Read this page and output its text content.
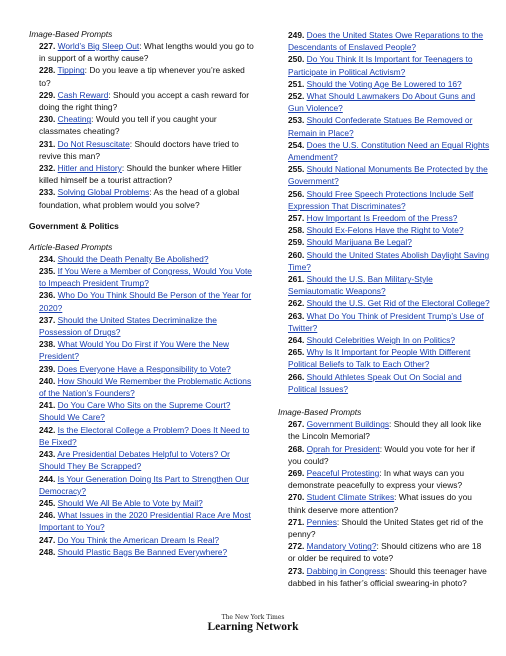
Image-Based Prompts

227. World’s Big Sleep Out: What lengths would you go to in support of a worthy cause?

228. Tipping: Do you leave a tip whenever you’re asked to?

229. Cash Reward: Should you accept a cash reward for doing the right thing?

230. Cheating: Would you tell if you caught your classmates cheating?

231. Do Not Resuscitate: Should doctors have tried to revive this man?

232. Hitler and History: Should the bunker where Hitler killed himself be a tourist attraction?

233. Solving Global Problems: As the head of a global foundation, what problem would you solve?

Government & Politics

Article-Based Prompts

234. Should the Death Penalty Be Abolished?

235. If You Were a Member of Congress, Would You Vote to Impeach President Trump?

236. Who Do You Think Should Be Person of the Year for 2020?

237. Should the United States Decriminalize the Possession of Drugs?

238. What Would You Do First if You Were the New President?

239. Does Everyone Have a Responsibility to Vote?

240. How Should We Remember the Problematic Actions of the Nation’s Founders?

241. Do You Care Who Sits on the Supreme Court? Should We Care?

242. Is the Electoral College a Problem? Does It Need to Be Fixed?

243. Are Presidential Debates Helpful to Voters? Or Should They Be Scrapped?

244. Is Your Generation Doing Its Part to Strengthen Our Democracy?

245. Should We All Be Able to Vote by Mail?

246. What Issues in the 2020 Presidential Race Are Most Important to You?

247. Do You Think the American Dream Is Real?

248. Should Plastic Bags Be Banned Everywhere?

249. Does the United States Owe Reparations to the Descendants of Enslaved People?

250. Do You Think It Is Important for Teenagers to Participate in Political Activism?

251. Should the Voting Age Be Lowered to 16?

252. What Should Lawmakers Do About Guns and Gun Violence?

253. Should Confederate Statues Be Removed or Remain in Place?

254. Does the U.S. Constitution Need an Equal Rights Amendment?

255. Should National Monuments Be Protected by the Government?

256. Should Free Speech Protections Include Self Expression That Discriminates?

257. How Important Is Freedom of the Press?

258. Should Ex-Felons Have the Right to Vote?

259. Should Marijuana Be Legal?

260. Should the United States Abolish Daylight Saving Time?

261. Should the U.S. Ban Military-Style Semiautomatic Weapons?

262. Should the U.S. Get Rid of the Electoral College?

263. What Do You Think of President Trump’s Use of Twitter?

264. Should Celebrities Weigh In on Politics?

265. Why Is It Important for People With Different Political Beliefs to Talk to Each Other?

266. Should Athletes Speak Out On Social and Political Issues?

Image-Based Prompts

267. Government Buildings: Should they all look like the Lincoln Memorial?

268. Oprah for President: Would you vote for her if you could?

269. Peaceful Protesting: In what ways can you demonstrate peacefully to express your views?

270. Student Climate Strikes: What issues do you think deserve more attention?

271. Pennies: Should the United States get rid of the penny?

272. Mandatory Voting?: Should citizens who are 18 or older be required to vote?

273. Dabbing in Congress: Should this teenager have dabbed in his father’s official swearing-in photo?

The New York Times
Learning Network
